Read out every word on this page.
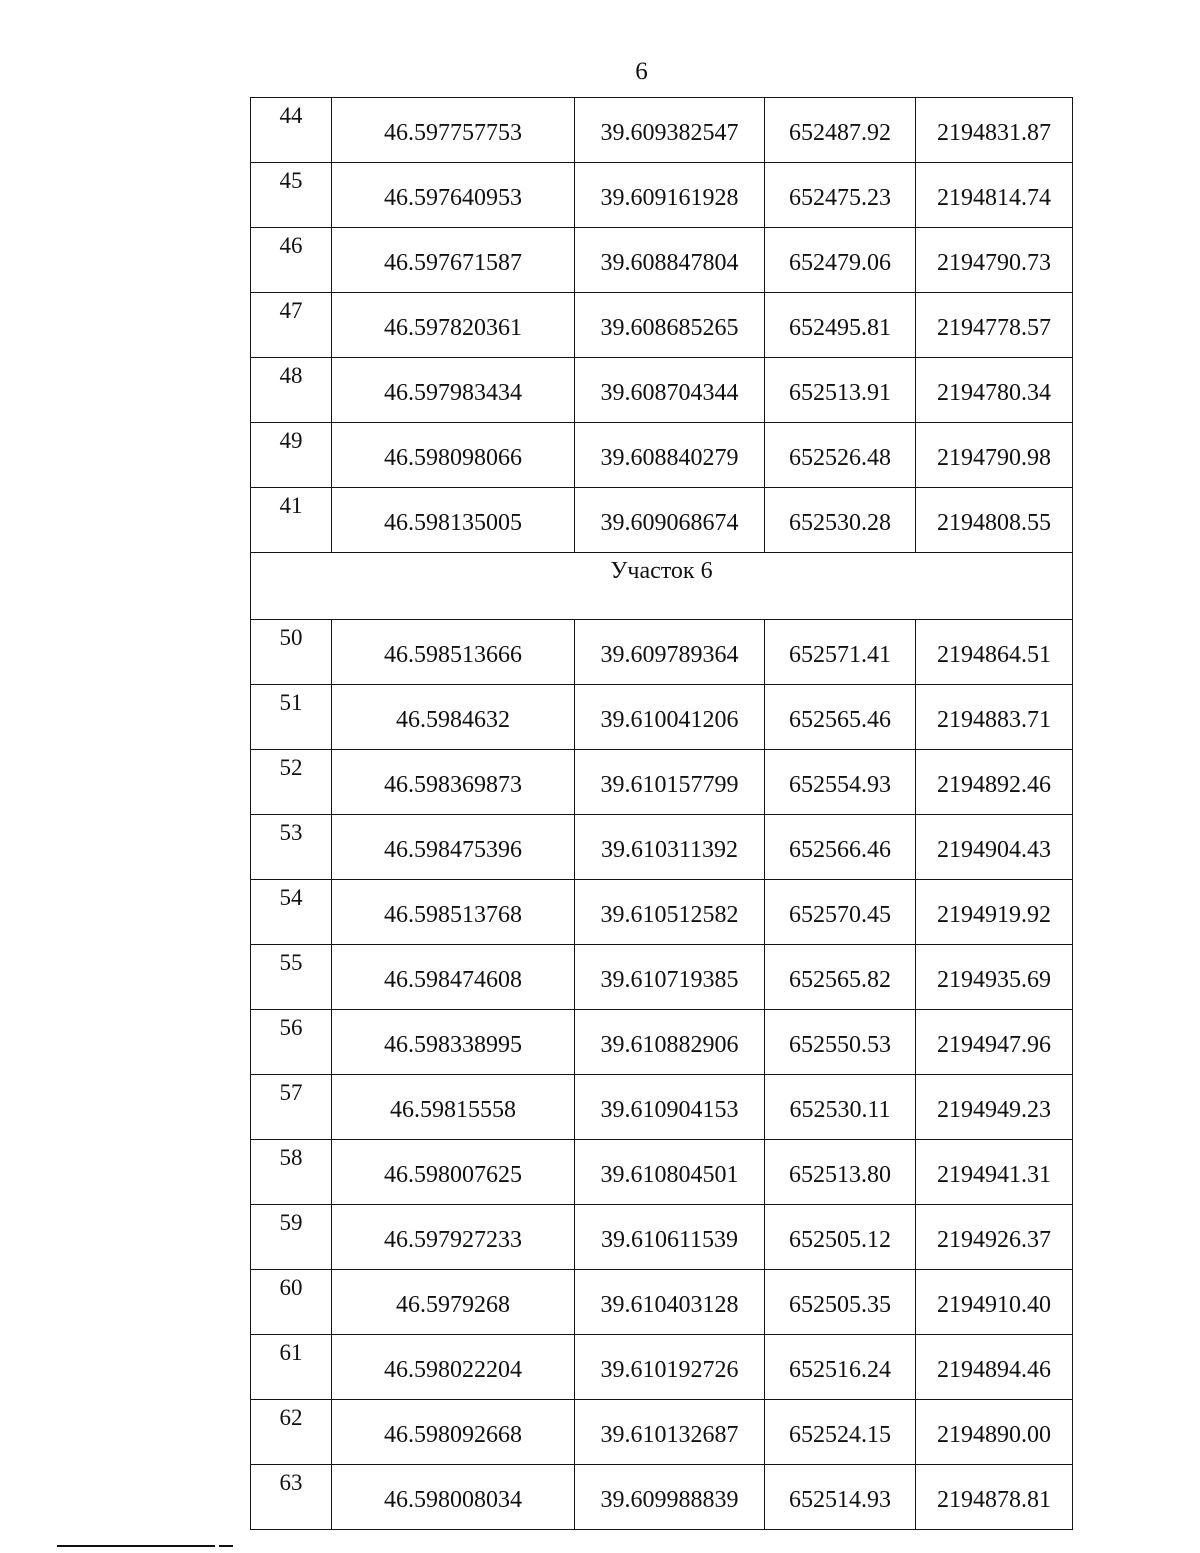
6
44	46.597757753	39.609382547	652487.92	2194831.87
45	46.597640953	39.609161928	652475.23	2194814.74
46	46.597671587	39.608847804	652479.06	2194790.73
47	46.597820361	39.608685265	652495.81	2194778.57
48	46.597983434	39.608704344	652513.91	2194780.34
49	46.598098066	39.608840279	652526.48	2194790.98
41	46.598135005	39.609068674	652530.28	2194808.55
Участок 6				
50	46.598513666	39.609789364	652571.41	2194864.51
51	46.5984632	39.610041206	652565.46	2194883.71
52	46.598369873	39.610157799	652554.93	2194892.46
53	46.598475396	39.610311392	652566.46	2194904.43
54	46.598513768	39.610512582	652570.45	2194919.92
55	46.598474608	39.610719385	652565.82	2194935.69
56	46.598338995	39.610882906	652550.53	2194947.96
57	46.59815558	39.610904153	652530.11	2194949.23
58	46.598007625	39.610804501	652513.80	2194941.31
59	46.597927233	39.610611539	652505.12	2194926.37
60	46.5979268	39.610403128	652505.35	2194910.40
61	46.598022204	39.610192726	652516.24	2194894.46
62	46.598092668	39.610132687	652524.15	2194890.00
63	46.598008034	39.609988839	652514.93	2194878.81
